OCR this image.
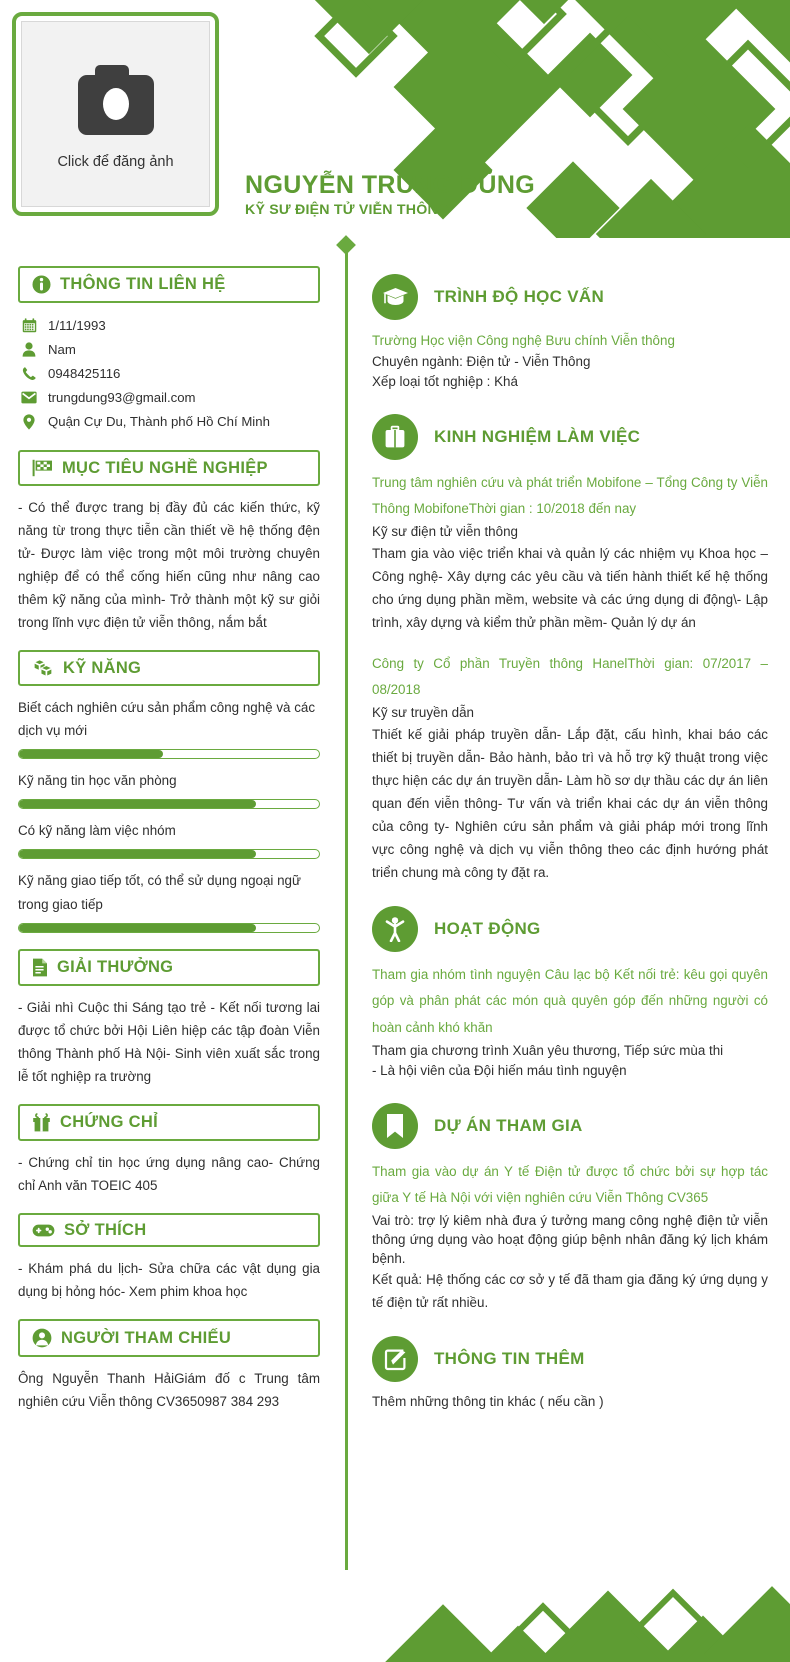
Click để đăng ảnh
NGUYỄN TRUNG DŨNG
KỸ SƯ ĐIỆN TỬ VIỄN THÔNG
THÔNG TIN LIÊN HỆ
1/11/1993
Nam
0948425116
trungdung93@gmail.com
Quận Cự Du, Thành phố Hồ Chí Minh
MỤC TIÊU NGHỀ NGHIỆP
- Có thể được trang bị đầy đủ các kiến thức, kỹ năng từ trong thực tiễn cần thiết về hệ thống đện tử- Được làm việc trong một môi trường chuyên nghiệp để có thể cống hiến cũng như nâng cao thêm kỹ năng của mình- Trở thành một kỹ sư giỏi trong lĩnh vực điện tử viễn thông, nắm bắt
KỸ NĂNG
Biết cách nghiên cứu sản phẩm công nghệ và các dịch vụ mới
Kỹ năng tin học văn phòng
Có kỹ năng làm việc nhóm
Kỹ năng giao tiếp tốt, có thể sử dụng ngoại ngữ trong giao tiếp
GIẢI THƯỞNG
- Giải nhì Cuộc thi Sáng tạo trẻ - Kết nối tương lai được tổ chức bởi Hội Liên hiệp các tập đoàn Viễn thông Thành phố Hà Nội- Sinh viên xuất sắc trong lễ tốt nghiệp ra trường
CHỨNG CHỈ
- Chứng chỉ tin học ứng dụng nâng cao- Chứng chỉ Anh văn TOEIC 405
SỞ THÍCH
- Khám phá du lịch- Sửa chữa các vật dụng gia dụng bị hỏng hóc- Xem phim khoa học
NGƯỜI THAM CHIẾU
Ông Nguyễn Thanh HảiGiám đố c Trung tâm nghiên cứu Viễn thông CV3650987 384 293
TRÌNH ĐỘ HỌC VẤN
Trường Học viện Công nghệ Bưu chính Viễn thông
Chuyên ngành: Điện tử - Viễn Thông
Xếp loại tốt nghiệp : Khá
KINH NGHIỆM LÀM VIỆC
Trung tâm nghiên cứu và phát triển Mobifone – Tổng Công ty Viễn Thông MobifoneThời gian : 10/2018 đến nay
Kỹ sư điện tử viễn thông
Tham gia vào việc triển khai và quản lý các nhiệm vụ Khoa học – Công nghệ- Xây dựng các yêu cầu và tiến hành thiết kế hệ thống cho ứng dụng phần mềm, website và các ứng dụng di động\- Lập trình, xây dựng và kiểm thử phần mềm- Quản lý dự án
Công ty Cổ phần Truyền thông HanelThời gian: 07/2017 – 08/2018
Kỹ sư truyền dẫn
Thiết kế giải pháp truyền dẫn- Lắp đặt, cấu hình, khai báo các thiết bị truyền dẫn- Bảo hành, bảo trì và hỗ trợ kỹ thuật trong việc thực hiện các dự án truyền dẫn- Làm hồ sơ dự thầu các dự án liên quan đến viễn thông- Tư vấn và triển khai các dự án viễn thông của công ty- Nghiên cứu sản phẩm và giải pháp mới trong lĩnh vực công nghệ và dịch vụ viễn thông theo các định hướng phát triển chung mà công ty đặt ra.
HOẠT ĐỘNG
Tham gia nhóm tình nguyện Câu lạc bộ Kết nối trẻ: kêu gọi quyên góp và phân phát các món quà quyên góp đến những người có hoàn cảnh khó khăn
Tham gia chương trình Xuân yêu thương, Tiếp sức mùa thi
- Là hội viên của Đội hiến máu tình nguyện
DỰ ÁN THAM GIA
Tham gia vào dự án Y tế Điện tử được tổ chức bởi sự hợp tác giữa Y tế Hà Nội với viện nghiên cứu Viễn Thông CV365
Vai trò: trợ lý kiêm nhà đưa ý tưởng mang công nghệ điện tử viễn thông ứng dụng vào hoạt động giúp bệnh nhân đăng ký lịch khám bệnh.
Kết quả: Hệ thống các cơ sở y tế đã tham gia đăng ký ứng dụng y tế điện tử rất nhiều.
THÔNG TIN THÊM
Thêm những thông tin khác ( nếu cần )
